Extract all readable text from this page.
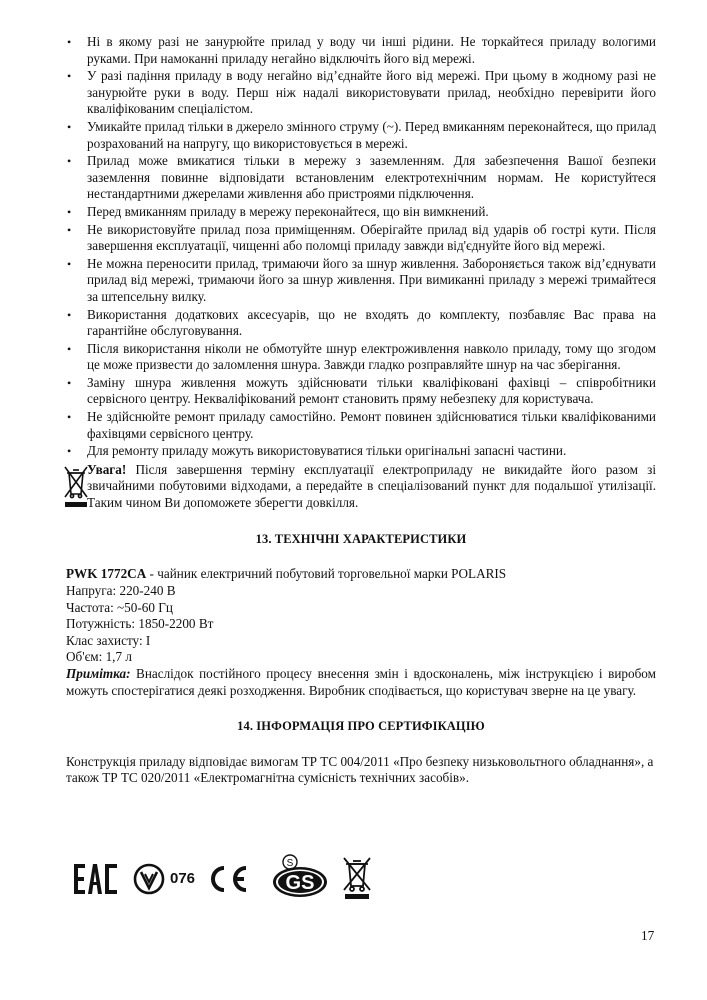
• Ні в якому разі не занурюйте прилад у воду чи інші рідини. Не торкайтеся приладу вологими руками. При намоканні приладу негайно відключіть його від мережі.
• У разі падіння приладу в воду негайно від’єднайте його від мережі. При цьому в жодному разі не занурюйте руки в воду. Перш ніж надалі використовувати прилад, необхідно перевірити його кваліфікованим спеціалістом.
• Умикайте прилад тільки в джерело змінного струму (~). Перед вмиканням переконайтеся, що прилад розрахований на напругу, що використовується в мережі.
• Прилад може вмикатися тільки в мережу з заземленням. Для забезпечення Вашої безпеки заземлення повинне відповідати встановленим електротехнічним нормам. Не користуйтеся нестандартними джерелами живлення або пристроями підключення.
• Перед вмиканням приладу в мережу переконайтеся, що він вимкнений.
• Не використовуйте прилад поза приміщенням. Оберігайте прилад від ударів об гострі кути. Після завершення експлуатації, чищенні або поломці приладу завжди від'єднуйте його від мережі.
• Не можна переносити прилад, тримаючи його за шнур живлення. Забороняється також від’єднувати прилад від мережі, тримаючи його за шнур живлення. При вимиканні приладу з мережі тримайтеся за штепсельну вилку.
• Використання додаткових аксесуарів, що не входять до комплекту, позбавляє Вас права на гарантійне обслуговування.
• Після використання ніколи не обмотуйте шнур електроживлення навколо приладу, тому що згодом це може призвести до заломлення шнура. Завжди гладко розправляйте шнур на час зберігання.
• Заміну шнура живлення можуть здійснювати тільки кваліфіковані фахівці – співробітники сервісного центру. Некваліфікований ремонт становить пряму небезпеку для користувача.
• Не здійснюйте ремонт приладу самостійно. Ремонт повинен здійснюватися тільки кваліфікованими фахівцями сервісного центру.
• Для ремонту приладу можуть використовуватися тільки оригінальні запасні частини.
Увага! Після завершення терміну експлуатації електроприладу не викидайте його разом зі звичайними побутовими відходами, а передайте в спеціалізований пункт для подальшої утилізації. Таким чином Ви допоможете зберегти довкілля.
13. ТЕХНІЧНІ ХАРАКТЕРИСТИКИ

PWK 1772CA - чайник електричний побутовий торговельної марки POLARIS

Напруга: 220-240 В

Частота: ~50-60 Гц

Потужність: 1850-2200 Вт

Клас захисту: I

Об'єм: 1,7 л

Примітка: Внаслідок постійного процесу внесення змін і вдосконалень, між інструкцією і виробом можуть спостерігатися деякі розходження. Виробник сподівається, що користувач зверне на це увагу.

14. ІНФОРМАЦІЯ ПРО СЕРТИФІКАЦІЮ

Конструкція приладу відповідає вимогам ТР ТС 004/2011 «Про безпеку низьковольтного обладнання», а також ТР ТС 020/2011 «Електромагнітна сумісність технічних засобів».

076
S
GS
17
